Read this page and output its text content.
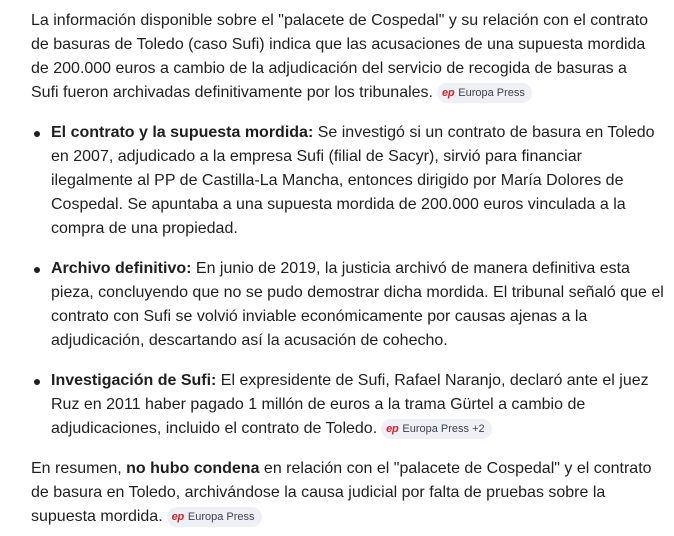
La información disponible sobre el "palacete de Cospedal" y su relación con el contrato de basuras de Toledo (caso Sufi) indica que las acusaciones de una supuesta mordida de 200.000 euros a cambio de la adjudicación del servicio de recogida de basuras a Sufi fueron archivadas definitivamente por los tribunales. ep Europa Press

El contrato y la supuesta mordida: Se investigó si un contrato de basura en Toledo en 2007, adjudicado a la empresa Sufi (filial de Sacyr), sirvió para financiar ilegalmente al PP de Castilla-La Mancha, entonces dirigido por María Dolores de Cospedal. Se apuntaba a una supuesta mordida de 200.000 euros vinculada a la compra de una propiedad.
Archivo definitivo: En junio de 2019, la justicia archivó de manera definitiva esta pieza, concluyendo que no se pudo demostrar dicha mordida. El tribunal señaló que el contrato con Sufi se volvió inviable económicamente por causas ajenas a la adjudicación, descartando así la acusación de cohecho.
Investigación de Sufi: El expresidente de Sufi, Rafael Naranjo, declaró ante el juez Ruz en 2011 haber pagado 1 millón de euros a la trama Gürtel a cambio de adjudicaciones, incluido el contrato de Toledo. ep Europa Press +2

En resumen, no hubo condena en relación con el "palacete de Cospedal" y el contrato de basura en Toledo, archivándose la causa judicial por falta de pruebas sobre la supuesta mordida. ep Europa Press
